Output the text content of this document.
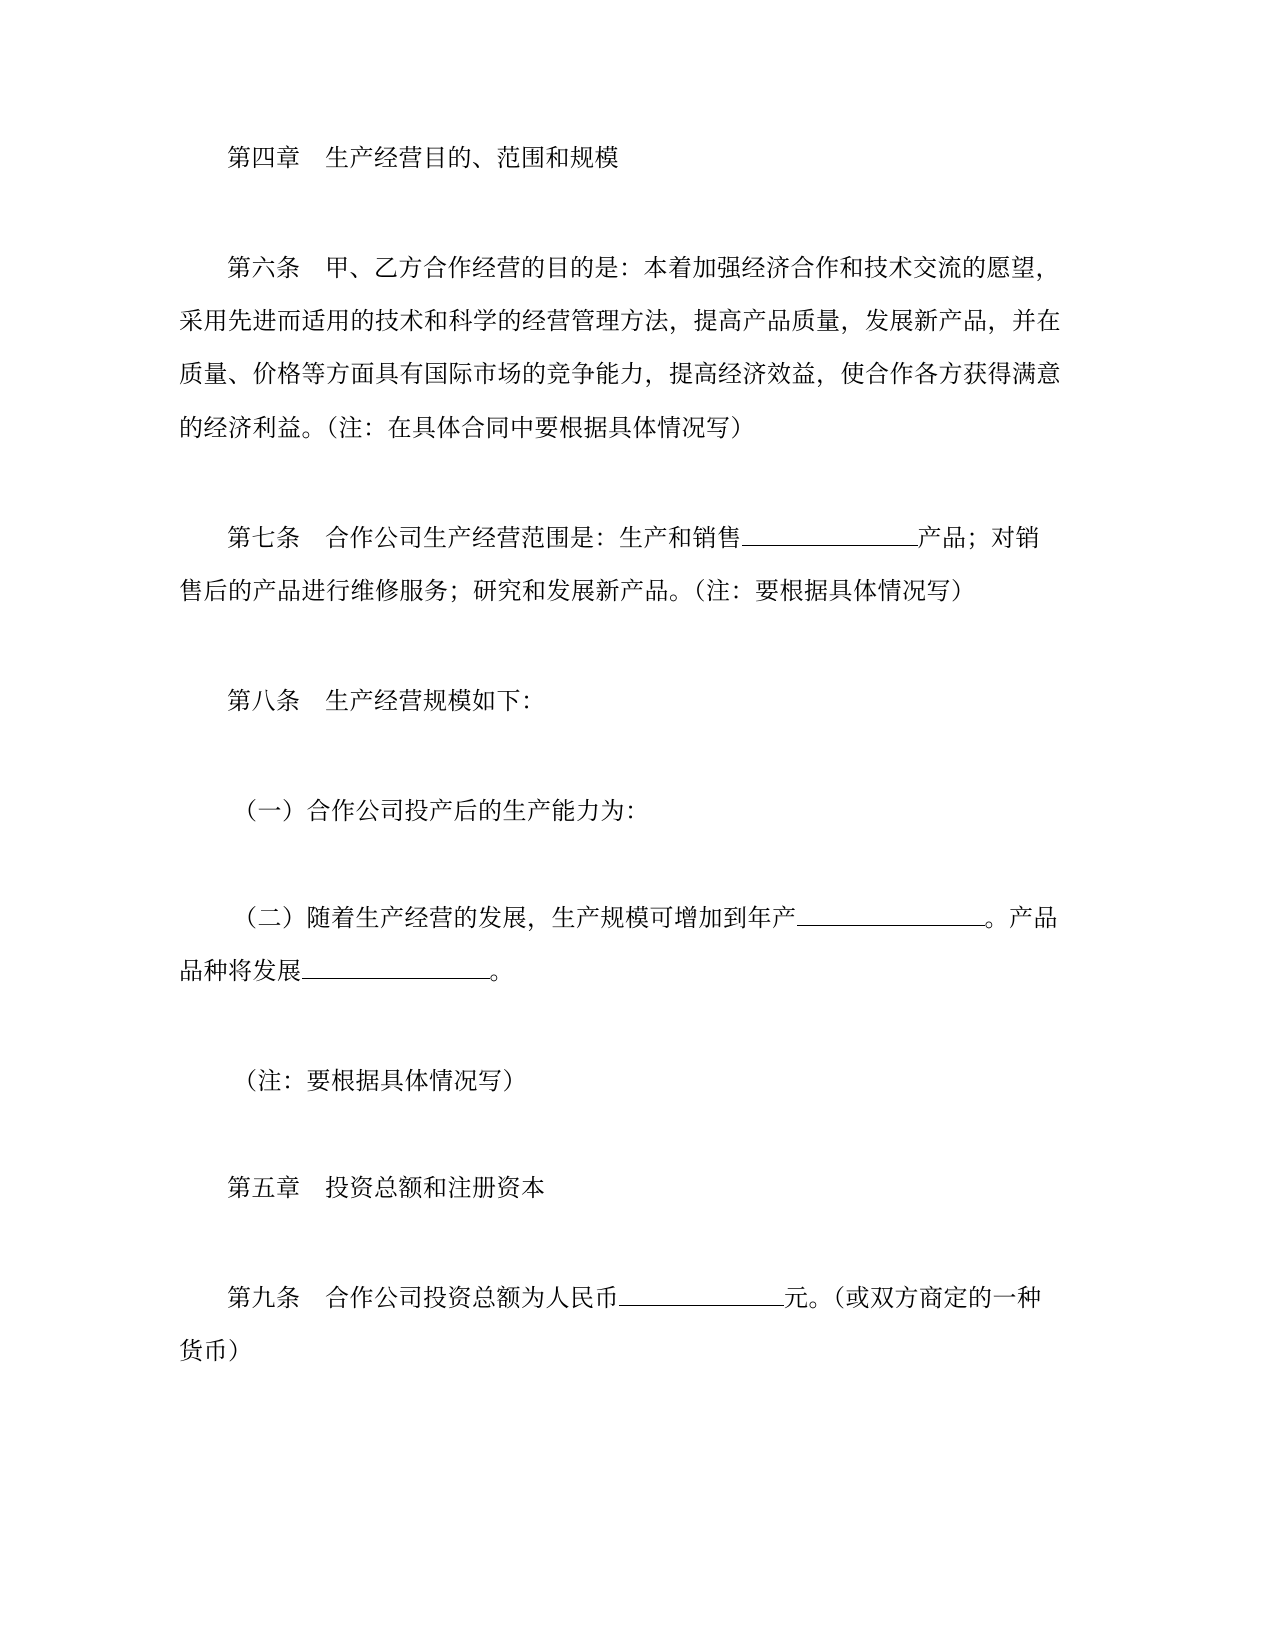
第四章　生产经营目的、范围和规模
第六条　甲、乙方合作经营的目的是：本着加强经济合作和技术交流的愿望，
采用先进而适用的技术和科学的经营管理方法，提高产品质量，发展新产品，并在
质量、价格等方面具有国际市场的竞争能力，提高经济效益，使合作各方获得满意
的经济利益。（注：在具体合同中要根据具体情况写）
第七条　合作公司生产经营范围是：生产和销售	产品；对销
售后的产品进行维修服务；研究和发展新产品。（注：要根据具体情况写）
第八条　生产经营规模如下：
（一）合作公司投产后的生产能力为：
（二）随着生产经营的发展，生产规模可增加到年产	。产品
品种将发展	。
（注：要根据具体情况写）
第五章　投资总额和注册资本
第九条　合作公司投资总额为人民币	元。（或双方商定的一种
货币）
